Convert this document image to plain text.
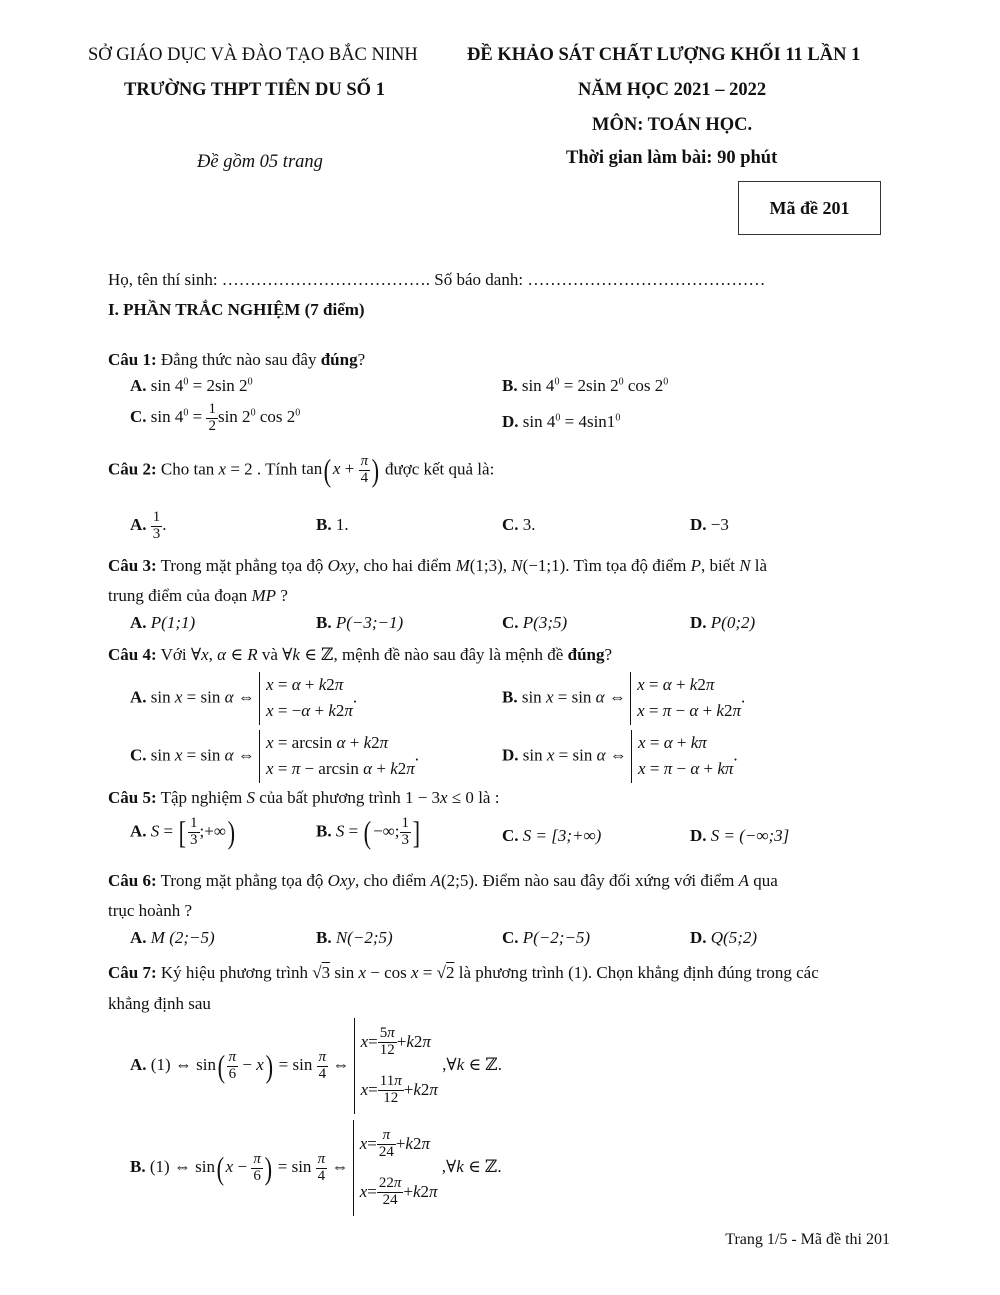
SỞ GIÁO DỤC VÀ ĐÀO TẠO BẮC NINH
TRƯỜNG THPT TIÊN DU SỐ 1
Đề gồm 05 trang
ĐỀ KHẢO SÁT CHẤT LƯỢNG KHỐI 11 LẦN 1
NĂM HỌC 2021 – 2022
MÔN: TOÁN HỌC.
Thời gian làm bài: 90 phút
Mã đề 201
Họ, tên thí sinh: ………………………………. Số báo danh: ……………………………………
I. PHẦN TRẮC NGHIỆM (7 điểm)
Câu 1: Đẳng thức nào sau đây đúng?
A. $\sin 4^0 = 2\sin$ $2^0$	B. $\sin 4^0 = 2\sin$ $2^0$ $\cos 2^0$
C. $\sin 4^0 = \frac{1}{2}$ $\sin 2^0$ $\cos 2^0$	D. $\sin 4^0 = 4\sin 1^0$
Câu 2: Cho tan x = 2 . Tính $\tan(x + \frac{\pi}{4}$ ) được kết quả là:
A. $\frac{1}{3}$ .	B. 1.	C. 3.	D. −3
Câu 3: Trong mặt phẳng tọa độ Oxy, cho hai điểm M(1;3), N(−1;1). Tìm tọa độ điểm P, biết N là
trung điểm của đoạn MP ?
A. P(1;1)	B. P(−3;−1)	C. P(3;5)	D. P(0;2)
Câu 4: Với ∀x, α ∈ R và ∀k ∈ ℤ, mệnh đề nào sau đây là mệnh đề đúng?
A. sin x = sin α ⇔ x = α + k2π
x = −α + k2π.	B. sin x = sin α ⇔ x = α + k2π
x = π − α + k2π.
C. sin x = sin α ⇔ x = arcsin α + k2π
x = π − arcsin α + k2π.	D. sin x = sin α ⇔ x = α + kπ
x = π − α + kπ.
Câu 5: Tập nghiệm S của bất phương trình 1 − 3x ≤ 0 là :
A. S = [ $\frac{1}{3}$ ;+∞)	B. S = (−∞; $\frac{1}{3}$ ]	C. S = [3;+∞)	D. S = (−∞;3]
Câu 6: Trong mặt phẳng tọa độ Oxy, cho điểm A(2;5). Điểm nào sau đây đối xứng với điểm A qua
trục hoành ?
A. M (2;−5)	B. N(−2;5)	C. P(−2;−5)	D. Q(5;2)
Câu 7: Ký hiệu phương trình √3 sin x − cos x = √2 là phương trình (1). Chọn khẳng định đúng trong các
khẳng định sau
A. (1) ⇔ $\sin( \frac{\pi}{6} - x) = \sin \frac{\pi}{4}$ ⇔
$x = \frac{5\pi}{12} + k$ 2 π
$x = \frac{11\pi}{12} + k$ 2 π
,∀k ∈ ℤ.
B. (1) ⇔ $\sin(x - \frac{\pi}{6}$ ) = $\sin \frac{\pi}{4}$ ⇔
$x = \frac{\pi}{24} + k$ 2 π
$x = \frac{22\pi}{24} + k$ 2 π
,∀k ∈ ℤ.
Trang 1/5 - Mã đề thi 201
